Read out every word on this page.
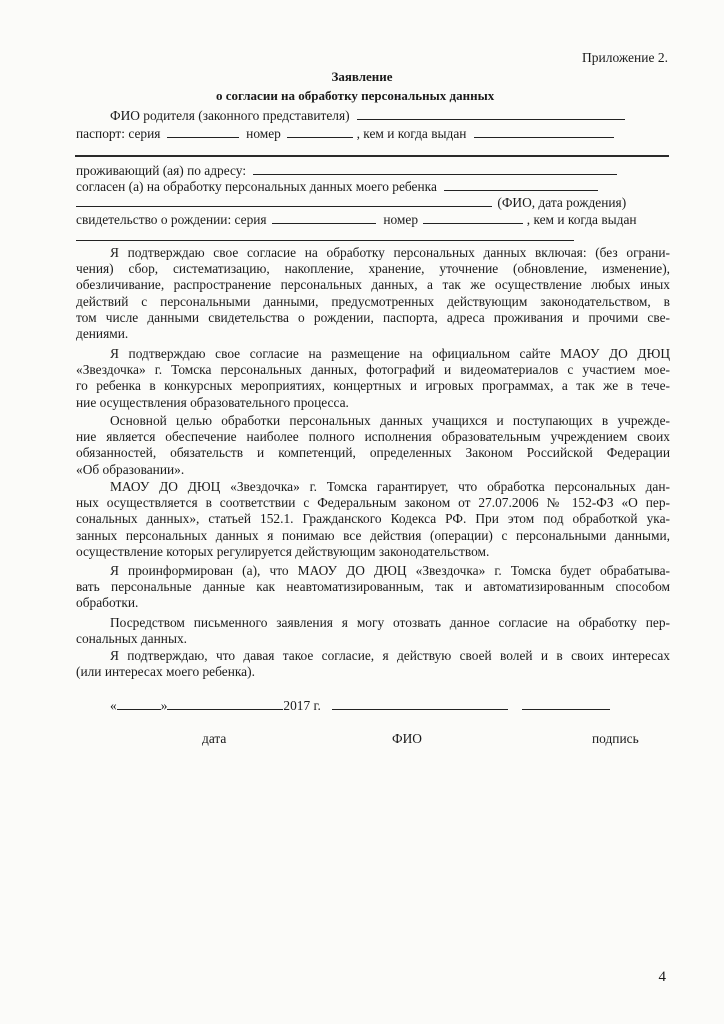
Приложение 2.
Заявление
о согласии на обработку персональных данных
ФИО родителя (законного представителя)
паспорт: серия	номер	, кем и когда выдан
проживающий (ая) по адресу:
согласен (а) на обработку персональных данных моего ребенка
(ФИО, дата рождения)
свидетельство о рождении: серия	номер	, кем и когда выдан
Я подтверждаю свое согласие на обработку персональных данных включая: (без ограни-
чения) сбор, систематизацию, накопление, хранение, уточнение (обновление, изменение),
обезличивание, распространение персональных данных, а так же осуществление любых иных
действий с персональными данными, предусмотренных действующим законодательством, в
том числе данными свидетельства о рождении, паспорта, адреса проживания и прочими све-
дениями.
Я подтверждаю свое согласие на размещение на официальном сайте МАОУ ДО ДЮЦ
«Звездочка» г. Томска персональных данных, фотографий и видеоматериалов с участием мое-
го ребенка в конкурсных мероприятиях, концертных и игровых программах, а так же в тече-
ние осуществления образовательного процесса.
Основной целью обработки персональных данных учащихся и поступающих в учрежде-
ние является обеспечение наиболее полного исполнения образовательным учреждением своих
обязанностей, обязательств и компетенций, определенных Законом Российской Федерации
«Об образовании».
МАОУ ДО ДЮЦ «Звездочка» г. Томска гарантирует, что обработка персональных дан-
ных осуществляется в соответствии с Федеральным законом от 27.07.2006 № 152-ФЗ «О пер-
сональных данных», статьей 152.1. Гражданского Кодекса РФ. При этом под обработкой ука-
занных персональных данных я понимаю все действия (операции) с персональными данными,
осуществление которых регулируется действующим законодательством.
Я проинформирован (а), что МАОУ ДО ДЮЦ «Звездочка» г. Томска будет обрабатыва-
вать персональные данные как неавтоматизированным, так и автоматизированным способом
обработки.
Посредством письменного заявления я могу отозвать данное согласие на обработку пер-
сональных данных.
Я подтверждаю, что давая такое согласие, я действую своей волей и в своих интересах
(или интересах моего ребенка).
«	»	2017 г.
дата	ФИО	подпись
4
